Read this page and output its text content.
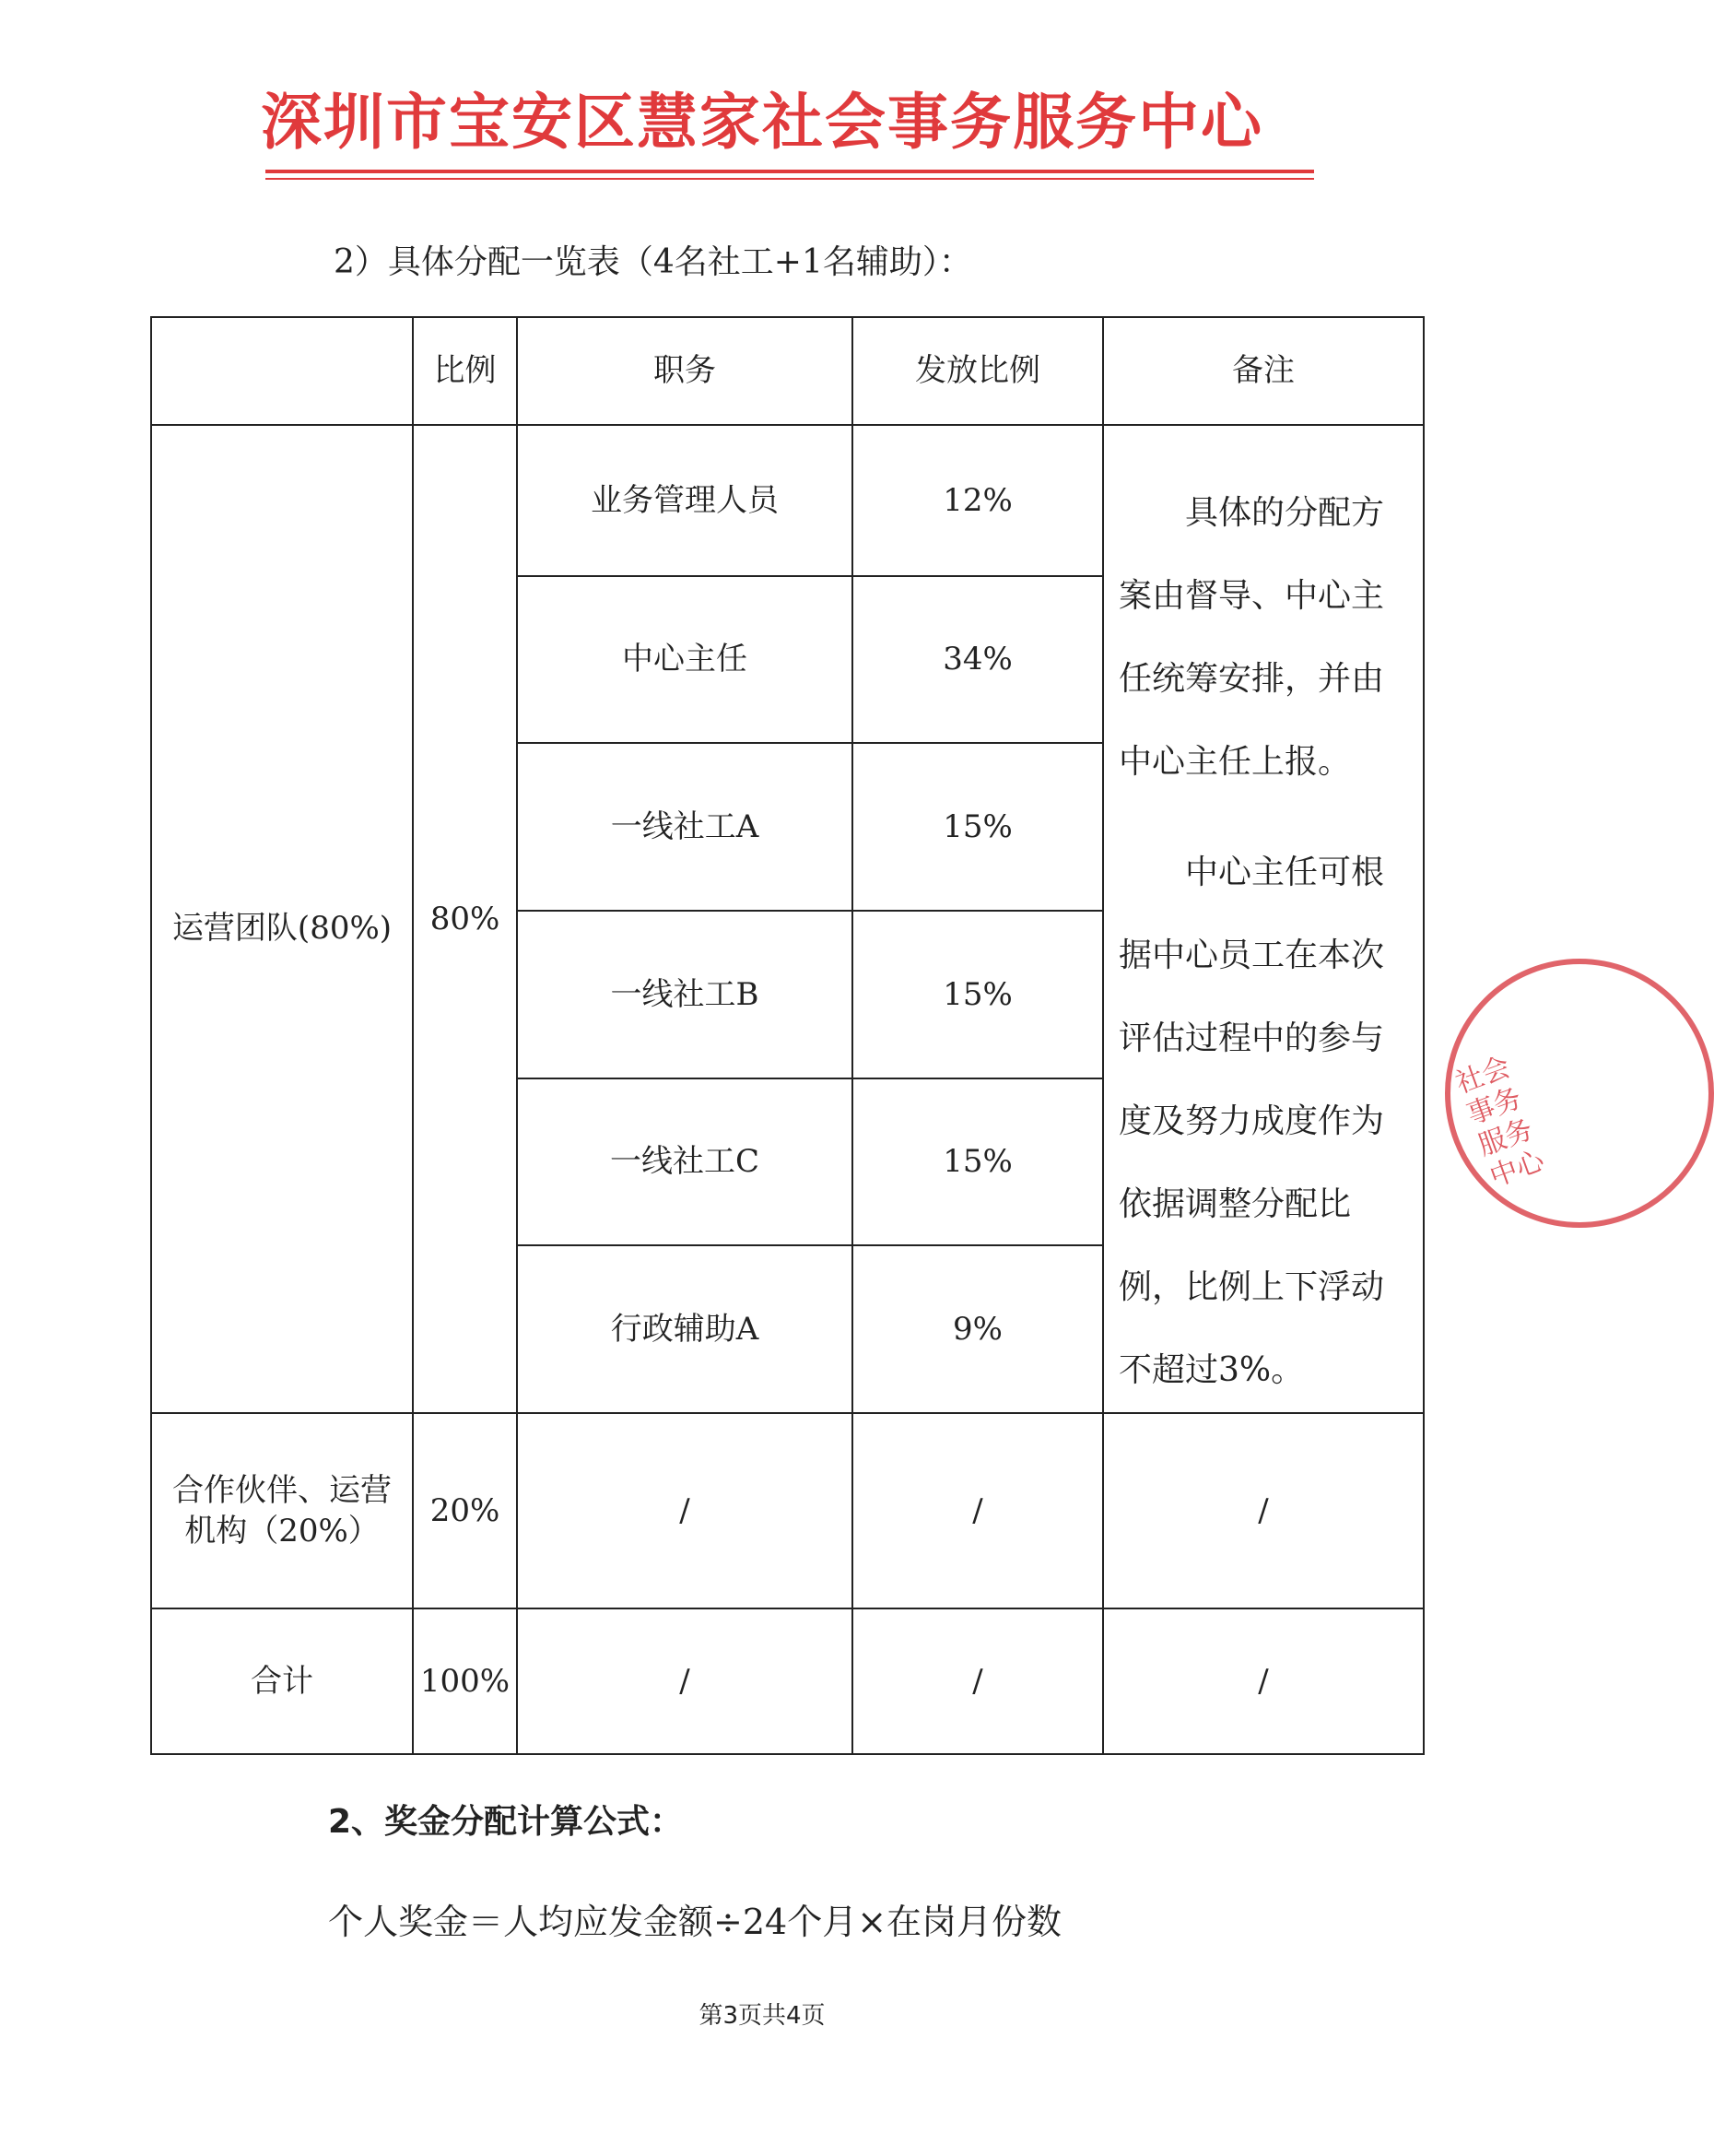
深圳市宝安区慧家社会事务服务中心
2）具体分配一览表（4名社工+1名辅助）：
	比例	职务	发放比例	备注
运营团队(80%)	80%	业务管理人员	12%	具体的分配方案由督导、中心主任统筹安排，并由中心主任上报。

中心主任可根据中心员工在本次评估过程中的参与度及努力成度作为依据调整分配比例，比例上下浮动不超过3%。

		中心主任	34%	
		一线社工A	15%	
		一线社工B	15%	
		一线社工C	15%	
		行政辅助A	9%	

合作伙伴、运营
机构（20%）	20%	/	/	/
合计	100%	/	/	/
2、奖金分配计算公式：
个人奖金＝人均应发金额÷24个月×在岗月份数
第3页共4页
社会事务服务中心
